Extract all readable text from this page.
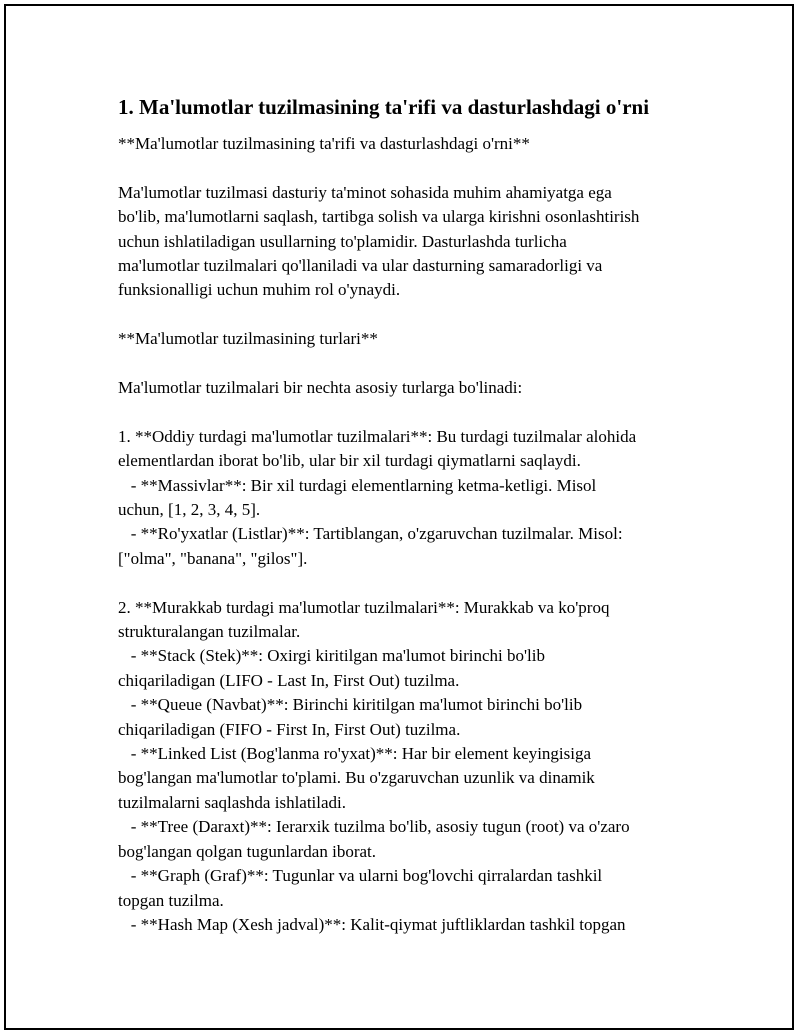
1. Ma'lumotlar tuzilmasining ta'rifi va dasturlashdagi o'rni

**Ma'lumotlar tuzilmasining ta'rifi va dasturlashdagi o'rni**

Ma'lumotlar tuzilmasi dasturiy ta'minot sohasida muhim ahamiyatga ega

bo'lib, ma'lumotlarni saqlash, tartibga solish va ularga kirishni osonlashtirish

uchun ishlatiladigan usullarning to'plamidir. Dasturlashda turlicha

ma'lumotlar tuzilmalari qo'llaniladi va ular dasturning samaradorligi va

funksionalligi uchun muhim rol o'ynaydi.

**Ma'lumotlar tuzilmasining turlari**

Ma'lumotlar tuzilmalari bir nechta asosiy turlarga bo'linadi:

1. **Oddiy turdagi ma'lumotlar tuzilmalari**: Bu turdagi tuzilmalar alohida

elementlardan iborat bo'lib, ular bir xil turdagi qiymatlarni saqlaydi.

- **Massivlar**: Bir xil turdagi elementlarning ketma-ketligi. Misol

uchun, [1, 2, 3, 4, 5].

- **Ro'yxatlar (Listlar)**: Tartiblangan, o'zgaruvchan tuzilmalar. Misol:

["olma", "banana", "gilos"].

2. **Murakkab turdagi ma'lumotlar tuzilmalari**: Murakkab va ko'proq

strukturalangan tuzilmalar.

- **Stack (Stek)**: Oxirgi kiritilgan ma'lumot birinchi bo'lib

chiqariladigan (LIFO - Last In, First Out) tuzilma.

- **Queue (Navbat)**: Birinchi kiritilgan ma'lumot birinchi bo'lib

chiqariladigan (FIFO - First In, First Out) tuzilma.

- **Linked List (Bog'lanma ro'yxat)**: Har bir element keyingisiga

bog'langan ma'lumotlar to'plami. Bu o'zgaruvchan uzunlik va dinamik

tuzilmalarni saqlashda ishlatiladi.

- **Tree (Daraxt)**: Ierarxik tuzilma bo'lib, asosiy tugun (root) va o'zaro

bog'langan qolgan tugunlardan iborat.

- **Graph (Graf)**: Tugunlar va ularni bog'lovchi qirralardan tashkil

topgan tuzilma.

- **Hash Map (Xesh jadval)**: Kalit-qiymat juftliklardan tashkil topgan
